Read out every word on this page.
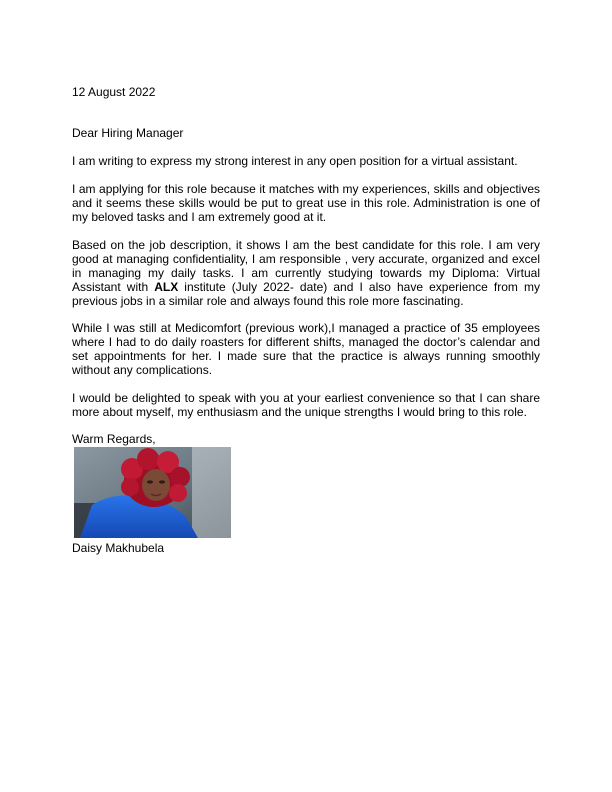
12 August 2022
Dear Hiring Manager
I am writing to express my strong interest in any open position for a virtual assistant.
I am applying for this role because it matches with my experiences, skills and objectives and it seems these skills would be put to great use in this role. Administration is one of my beloved tasks and I am extremely good at it.
Based on the job description, it shows I am the best candidate for this role. I am very good at managing confidentiality, I am responsible , very accurate, organized and excel in managing my daily tasks. I am currently studying towards my Diploma: Virtual Assistant with ALX institute (July 2022- date) and I also have experience from my previous jobs in a similar role and always found this role more fascinating.
While I was still at Medicomfort (previous work),I managed a practice of 35 employees where I had to do daily roasters for different shifts, managed the doctor’s calendar and set appointments for her. I made sure that the practice is always running smoothly without any complications.
I would be delighted to speak with you at your earliest convenience so that I can share more about myself, my enthusiasm and the unique strengths I would bring to this role.
Warm Regards,
Daisy Makhubela
